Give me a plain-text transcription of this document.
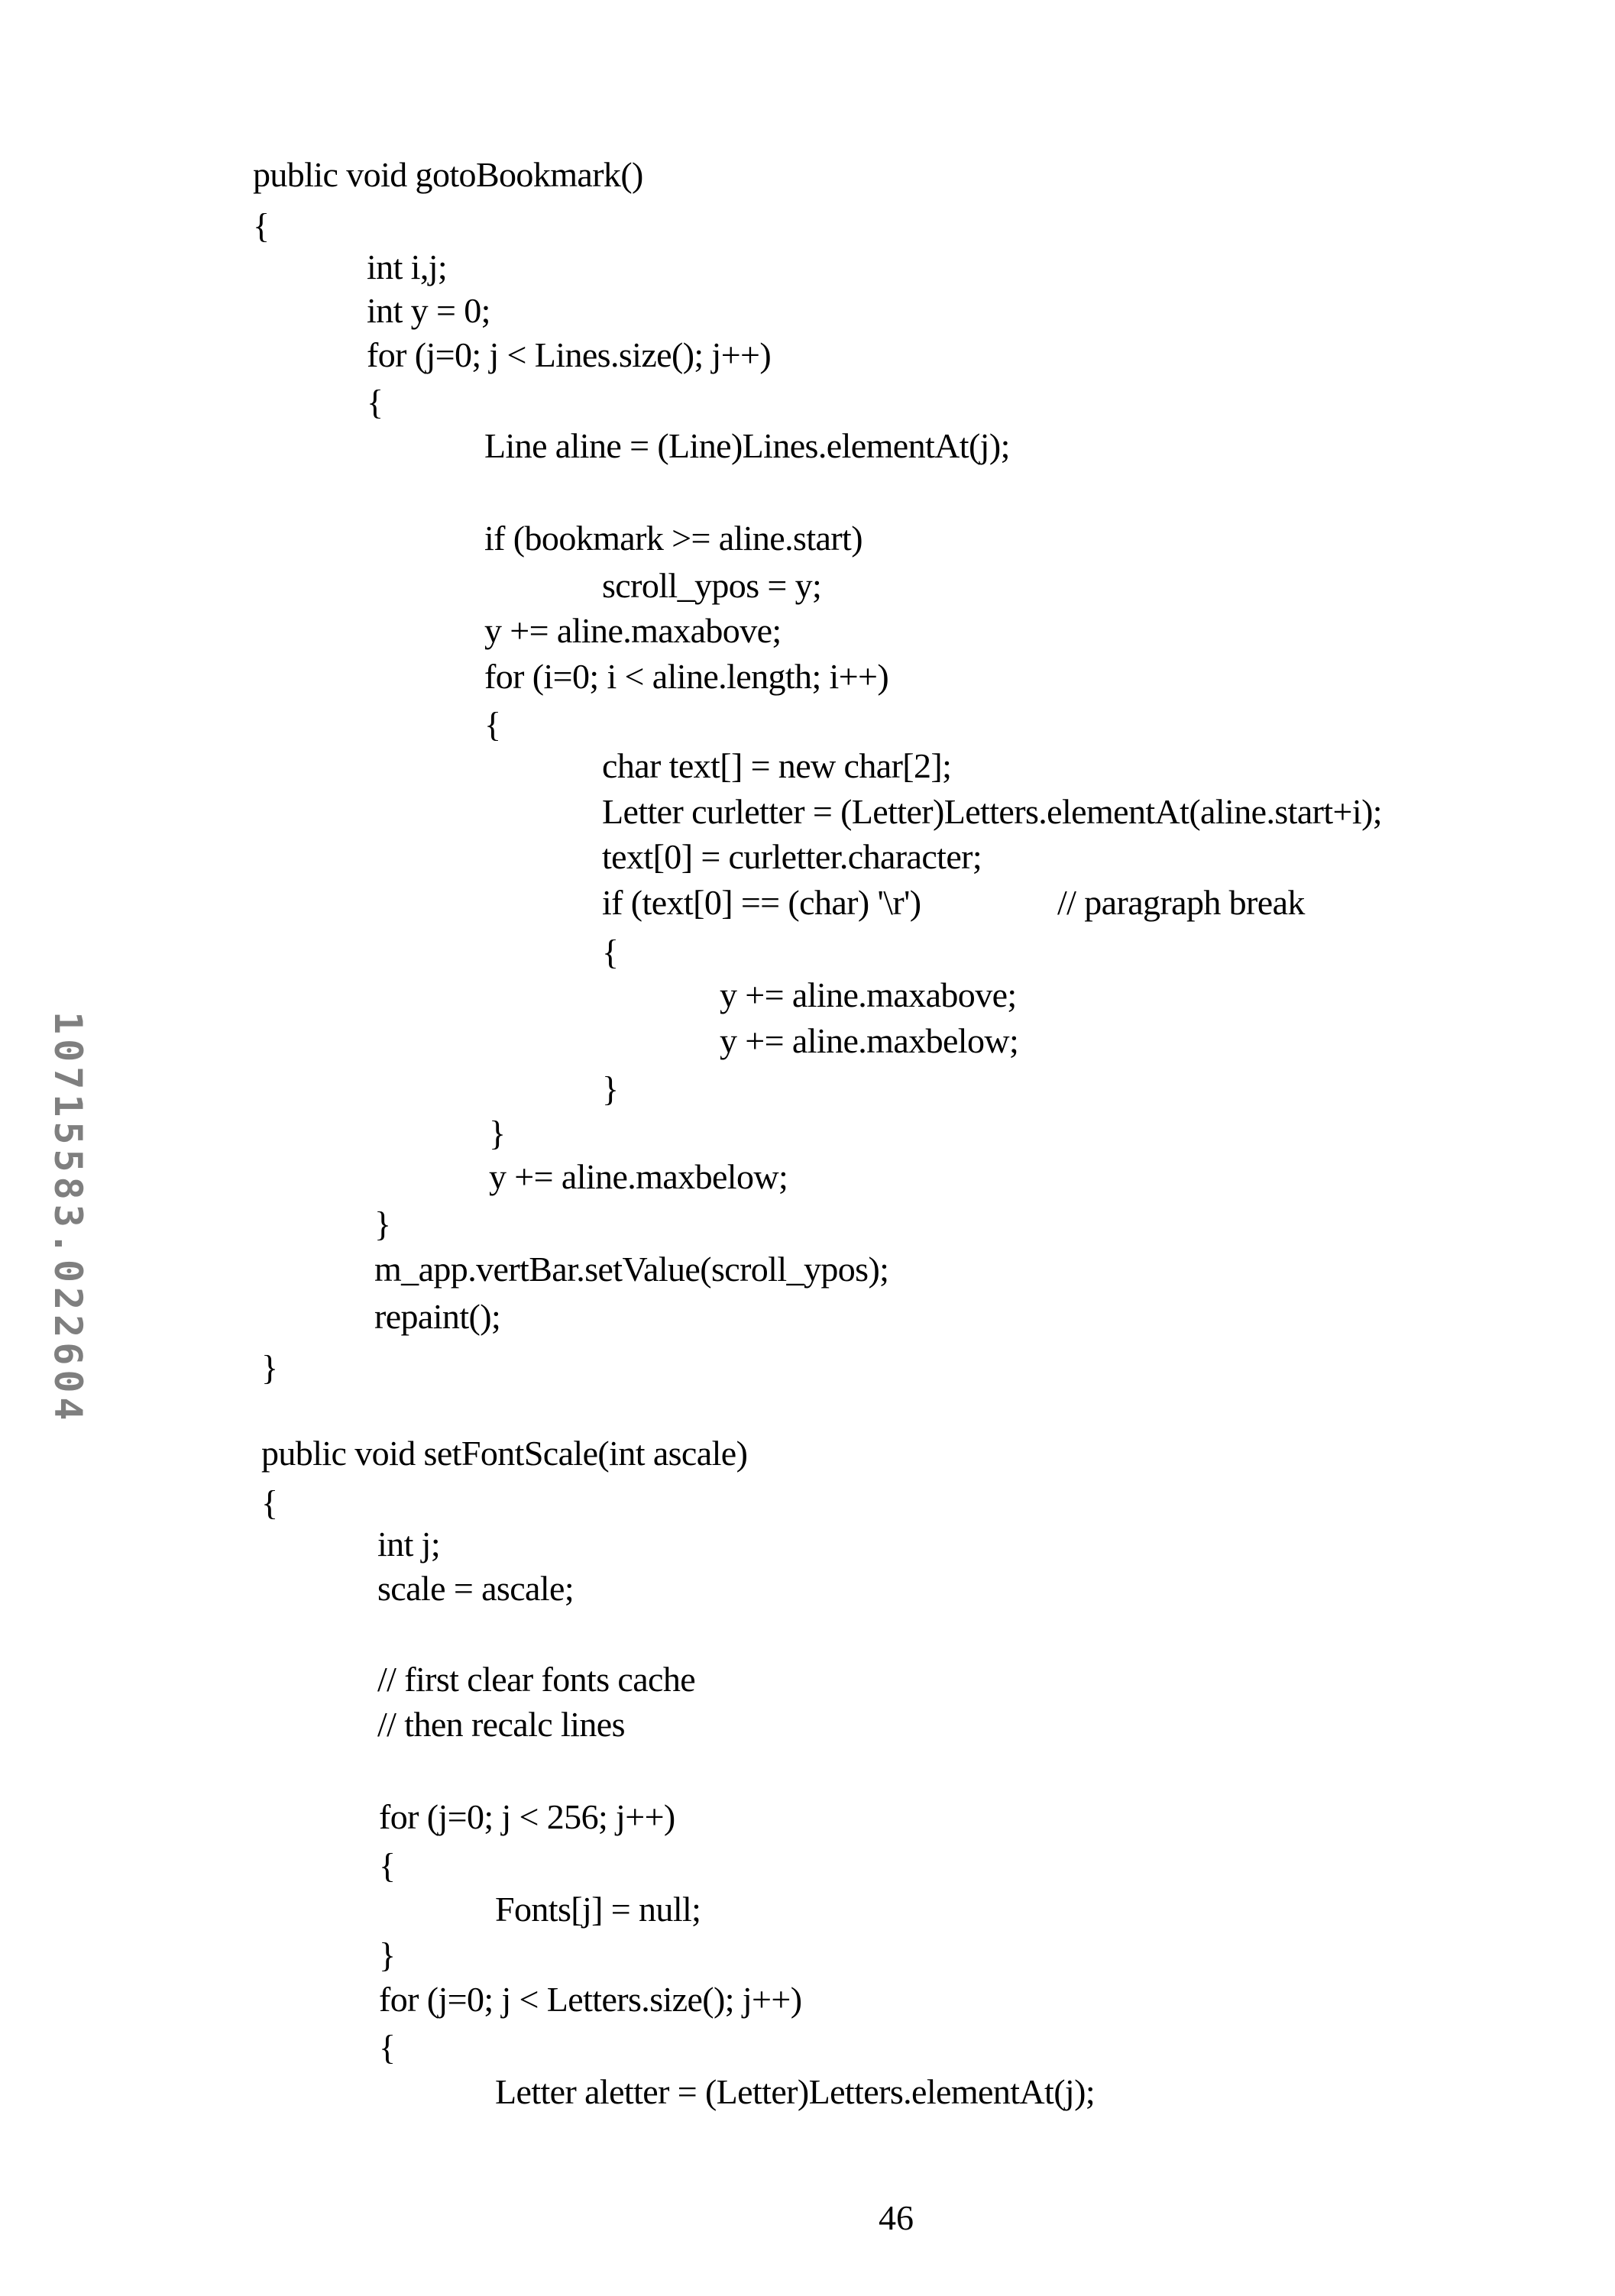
10715583.022604
public void gotoBookmark()
{
int i,j;
int y = 0;
for (j=0; j < Lines.size(); j++)
{
Line aline = (Line)Lines.elementAt(j);
if (bookmark >= aline.start)
scroll_ypos = y;
y += aline.maxabove;
for (i=0; i < aline.length; i++)
{
char text[] = new char[2];
Letter curletter = (Letter)Letters.elementAt(aline.start+i);
text[0] = curletter.character;
if (text[0] == (char) '\r')	// paragraph break
{
y += aline.maxabove;
y += aline.maxbelow;
}
}
y += aline.maxbelow;
}
m_app.vertBar.setValue(scroll_ypos);
repaint();
}
public void setFontScale(int ascale)
{
int j;
scale = ascale;
// first clear fonts cache
// then recalc lines
for (j=0; j < 256; j++)
{
Fonts[j] = null;
}
for (j=0; j < Letters.size(); j++)
{
Letter aletter = (Letter)Letters.elementAt(j);
46
